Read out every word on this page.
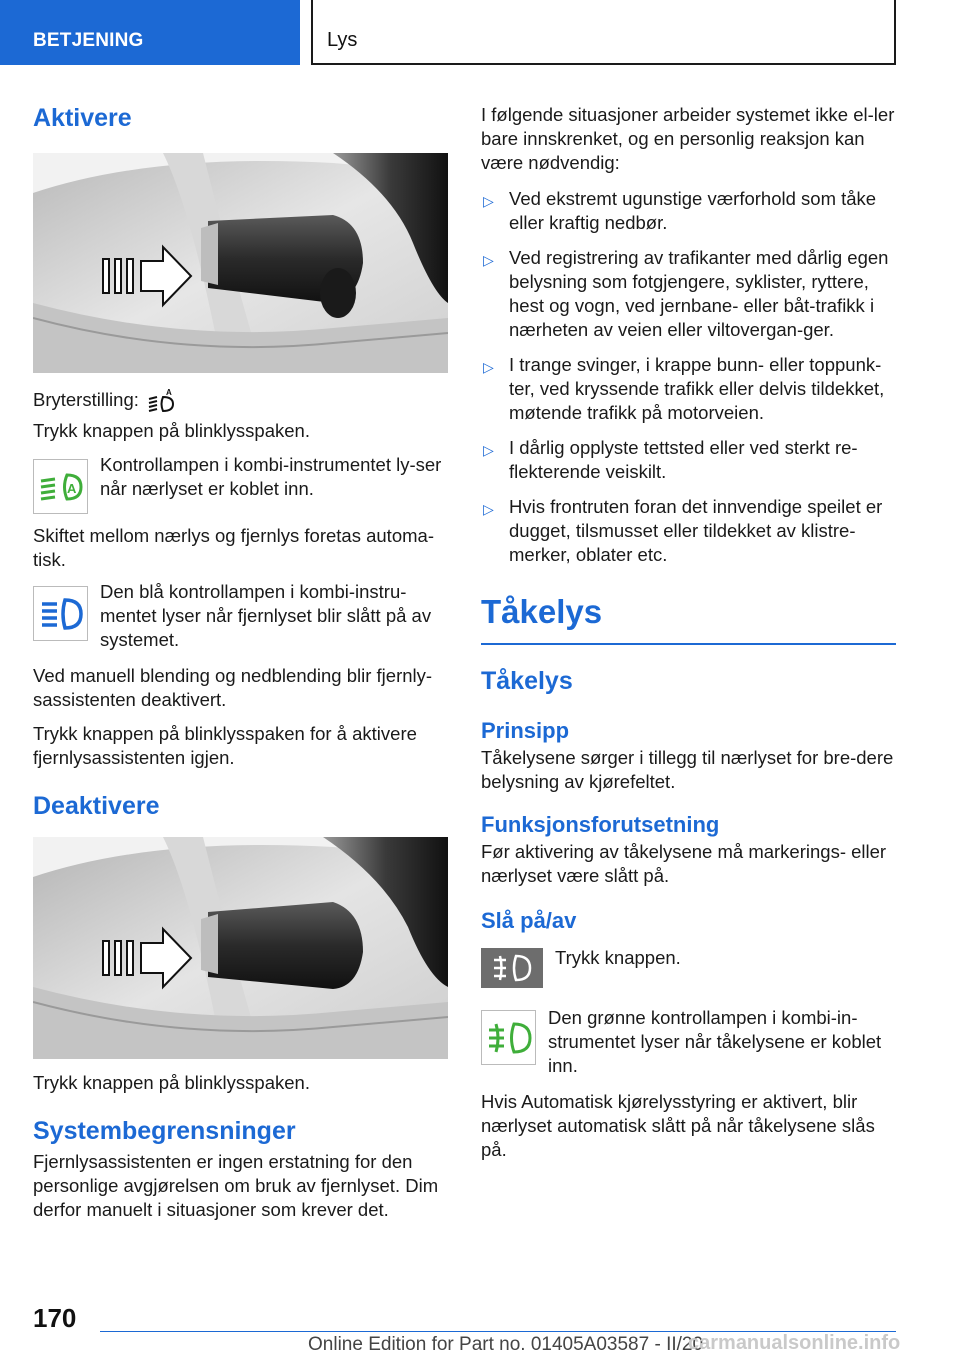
BETJENING	Lys
Aktivere

Bryterstilling:	A

Trykk knappen på blinklysspaken.

A

Kontrollampen i kombi-instrumentet ly-ser når nærlyset er koblet inn.

Skiftet mellom nærlys og fjernlys foretas automa-tisk.

Den blå kontrollampen i kombi-instru-mentet lyser når fjernlyset blir slått på av systemet.

Ved manuell blending og nedblending blir fjernly-sassistenten deaktivert.

Trykk knappen på blinklysspaken for å aktivere fjernlysassistenten igjen.

Deaktivere

Trykk knappen på blinklysspaken.

Systembegrensninger

Fjernlysassistenten er ingen erstatning for den personlige avgjørelsen om bruk av fjernlyset. Dim derfor manuelt i situasjoner som krever det.

I følgende situasjoner arbeider systemet ikke el-ler bare innskrenket, og en personlig reaksjon kan være nødvendig:

▷ Ved ekstremt ugunstige værforhold som tåke eller kraftig nedbør.
▷ Ved registrering av trafikanter med dårlig egen belysning som fotgjengere, syklister, ryttere, hest og vogn, ved jernbane- eller båt-trafikk i nærheten av veien eller viltovergan-ger.
▷ I trange svinger, i krappe bunn- eller toppunk-ter, ved kryssende trafikk eller delvis tildekket, møtende trafikk på motorveien.
▷ I dårlig opplyste tettsted eller ved sterkt re-flekterende veiskilt.
▷ Hvis frontruten foran det innvendige speilet er dugget, tilsmusset eller tildekket av klistre-merker, oblater etc.
Tåkelys
Tåkelys
Prinsipp

Tåkelysene sørger i tillegg til nærlyset for bre-dere belysning av kjørefeltet.

Funksjonsforutsetning

Før aktivering av tåkelysene må markerings- eller nærlyset være slått på.

Slå på/av

Trykk knappen.

Den grønne kontrollampen i kombi-in-strumentet lyser når tåkelysene er koblet inn.

Hvis Automatisk kjørelysstyring er aktivert, blir nærlyset automatisk slått på når tåkelysene slås på.

170
Online Edition for Part no. 01405A03587 - II/20
carmanualsonline.info
